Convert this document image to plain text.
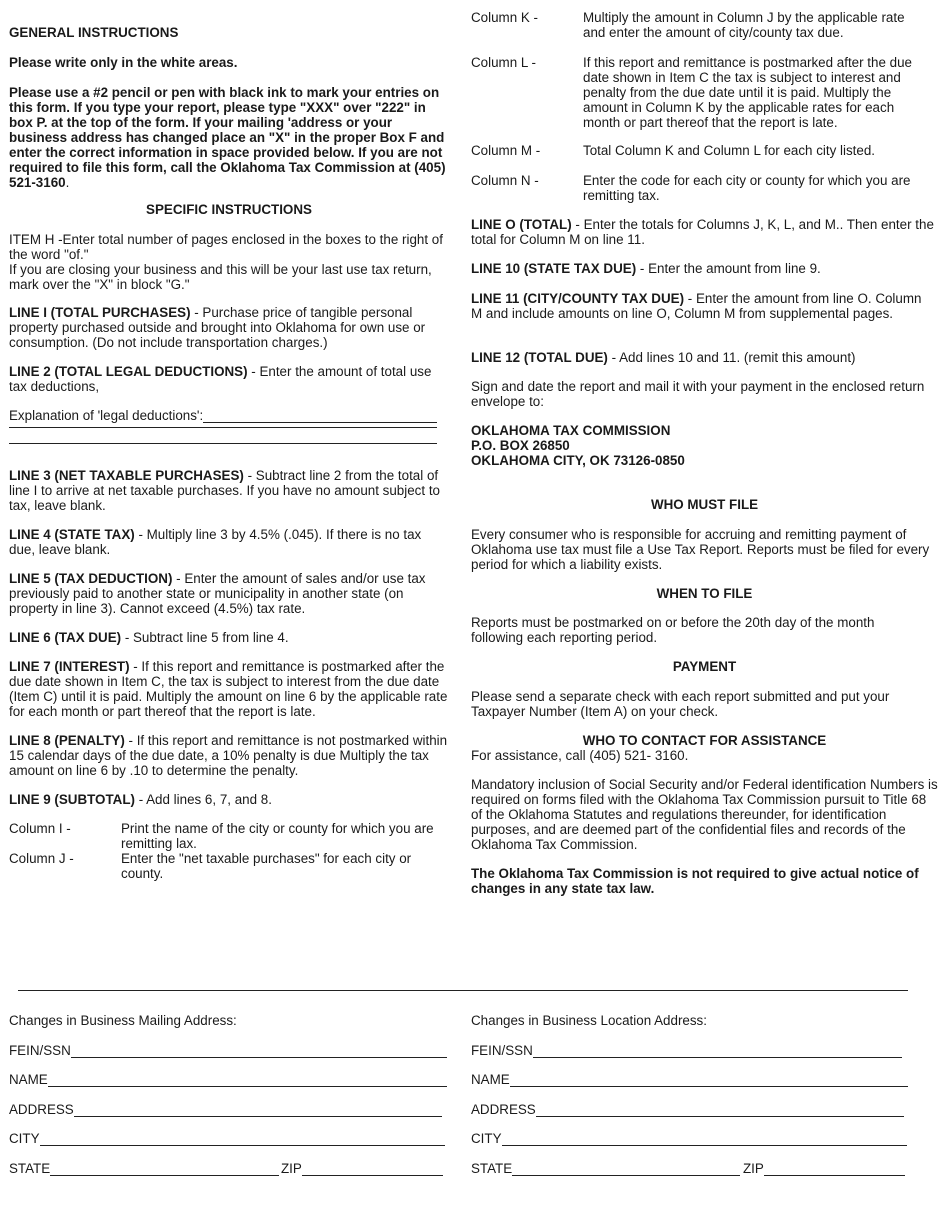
GENERAL INSTRUCTIONS

Please write only in the white areas.

Please use a #2 pencil or pen with black ink to mark your entries on this form. If you type your report, please type "XXX" over "222" in box P. at the top of the form. If your mailing 'address or your business address has changed place an "X" in the proper Box F and enter the correct information in space provided below. If you are not required to file this form, call the Oklahoma Tax Commission at (405) 521-3160.

SPECIFIC INSTRUCTIONS

ITEM H -Enter total number of pages enclosed in the boxes to the right of the word "of."

If you are closing your business and this will be your last use tax return, mark over the "X" in block "G."

LINE I (TOTAL PURCHASES) - Purchase price of tangible personal property purchased outside and brought into Oklahoma for own use or consumption. (Do not include transportation charges.)

LINE 2 (TOTAL LEGAL DEDUCTIONS) - Enter the amount of total use tax deductions,

Explanation of 'legal deductions':

LINE 3 (NET TAXABLE PURCHASES) - Subtract line 2 from the total of line I to arrive at net taxable purchases. If you have no amount subject to tax, leave blank.

LINE 4 (STATE TAX) - Multiply line 3 by 4.5% (.045). If there is no tax due, leave blank.

LINE 5 (TAX DEDUCTION) - Enter the amount of sales and/or use tax previously paid to another state or municipality in another state (on property in line 3). Cannot exceed (4.5%) tax rate.

LINE 6 (TAX DUE) - Subtract line 5 from line 4.

LINE 7 (INTEREST) - If this report and remittance is postmarked after the due date shown in Item C, the tax is subject to interest from the due date (Item C) until it is paid. Multiply the amount on line 6 by the applicable rate for each month or part thereof that the report is late.

LINE 8 (PENALTY) - If this report and remittance is not postmarked within 15 calendar days of the due date, a 10% penalty is due Multiply the tax amount on line 6 by .10 to determine the penalty.

LINE 9 (SUBTOTAL) - Add lines 6, 7, and 8.

Column I -	Print the name of the city or county for which you are remitting lax.
Column J -	Enter the "net taxable purchases" for each city or county.
Column K -	Multiply the amount in Column J by the applicable rate and enter the amount of city/county tax due.
Column L -	If this report and remittance is postmarked after the due date shown in Item C the tax is subject to interest and penalty from the due date until it is paid. Multiply the amount in Column K by the applicable rates for each month or part thereof that the report is late.
Column M -	Total Column K and Column L for each city listed.
Column N -	Enter the code for each city or county for which you are remitting tax.

LINE O (TOTAL) - Enter the totals for Columns J, K, L, and M.. Then enter the total for Column M on line 11.

LINE 10 (STATE TAX DUE) - Enter the amount from line 9.

LINE 11 (CITY/COUNTY TAX DUE) - Enter the amount from line O. Column M and include amounts on line O, Column M from supplemental pages.

LINE 12 (TOTAL DUE) - Add lines 10 and 11. (remit this amount)

Sign and date the report and mail it with your payment in the enclosed return envelope to:

OKLAHOMA TAX COMMISSION

P.O. BOX 26850

OKLAHOMA CITY, OK 73126-0850

WHO MUST FILE

Every consumer who is responsible for accruing and remitting payment of Oklahoma use tax must file a Use Tax Report. Reports must be filed for every period for which a liability exists.

WHEN TO FILE

Reports must be postmarked on or before the 20th day of the month following each reporting period.

PAYMENT

Please send a separate check with each report submitted and put your Taxpayer Number (Item A) on your check.

WHO TO CONTACT FOR ASSISTANCE

For assistance, call (405) 521- 3160.

Mandatory inclusion of Social Security and/or Federal identification Numbers is required on forms filed with the Oklahoma Tax Commission pursuit to Title 68 of the Oklahoma Statutes and regulations thereunder, for identification purposes, and are deemed part of the confidential files and records of the Oklahoma Tax Commission.

The Oklahoma Tax Commission is not required to give actual notice of changes in any state tax law.

Changes in Business Mailing Address:
FEIN/SSN
NAME
ADDRESS
CITY
STATE	ZIP
Changes in Business Location Address:
FEIN/SSN
NAME
ADDRESS
CITY
STATE	ZIP
